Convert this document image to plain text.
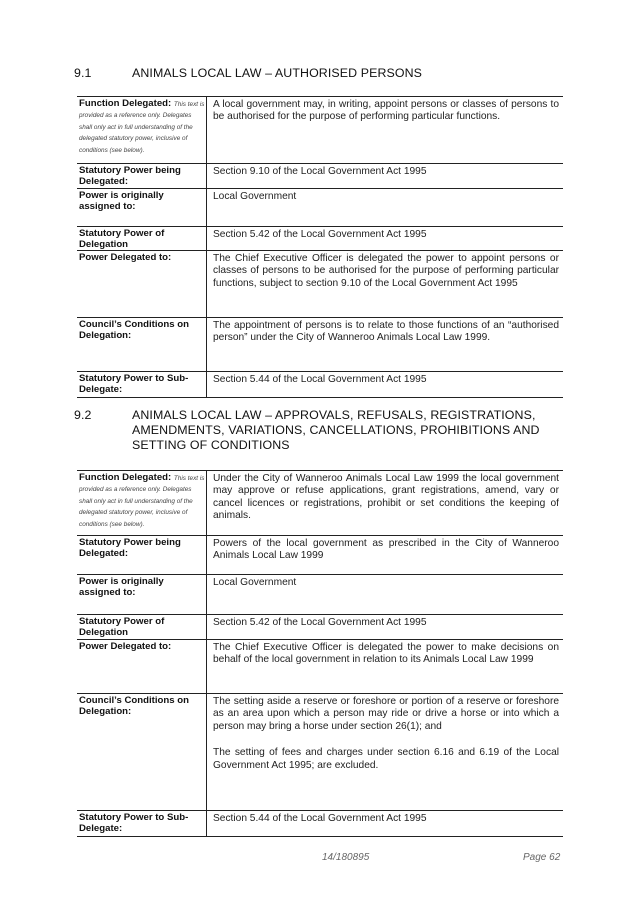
9.1	ANIMALS LOCAL LAW – AUTHORISED PERSONS
Function Delegated: This text is provided as a reference only. Delegates shall only act in full understanding of the delegated statutory power, inclusive of conditions (see below).
A local government may, in writing, appoint persons or classes of persons to be authorised for the purpose of performing particular functions.
Statutory Power being Delegated:
Section 9.10 of the Local Government Act 1995
Power is originally assigned to:
Local Government
Statutory Power of Delegation
Section 5.42 of the Local Government Act 1995
Power Delegated to:	The Chief Executive Officer is delegated the power to appoint persons or classes of persons to be authorised for the purpose of performing particular functions, subject to section 9.10 of the Local Government Act 1995
Council’s Conditions on Delegation:
The appointment of persons is to relate to those functions of an “authorised person” under the City of Wanneroo Animals Local Law 1999.
Statutory Power to Sub-Delegate:
Section 5.44 of the Local Government Act 1995
9.2	ANIMALS LOCAL LAW – APPROVALS, REFUSALS, REGISTRATIONS, AMENDMENTS, VARIATIONS, CANCELLATIONS, PROHIBITIONS AND SETTING OF CONDITIONS
Function Delegated: This text is provided as a reference only. Delegates shall only act in full understanding of the delegated statutory power, inclusive of conditions (see below).
Under the City of Wanneroo Animals Local Law 1999 the local government may approve or refuse applications, grant registrations, amend, vary or cancel licences or registrations, prohibit or set conditions the keeping of animals.
Statutory Power being Delegated:
Powers of the local government as prescribed in the City of Wanneroo Animals Local Law 1999
Power is originally assigned to:
Local Government
Statutory Power of Delegation
Section 5.42 of the Local Government Act 1995
Power Delegated to:	The Chief Executive Officer is delegated the power to make decisions on behalf of the local government in relation to its Animals Local Law 1999
Council’s Conditions on Delegation:
The setting aside a reserve or foreshore or portion of a reserve or foreshore as an area upon which a person may ride or drive a horse or into which a person may bring a horse under section 26(1); and
The setting of fees and charges under section 6.16 and 6.19 of the Local Government Act 1995; are excluded.
Statutory Power to Sub-Delegate:
Section 5.44 of the Local Government Act 1995
14/180895	Page 62
